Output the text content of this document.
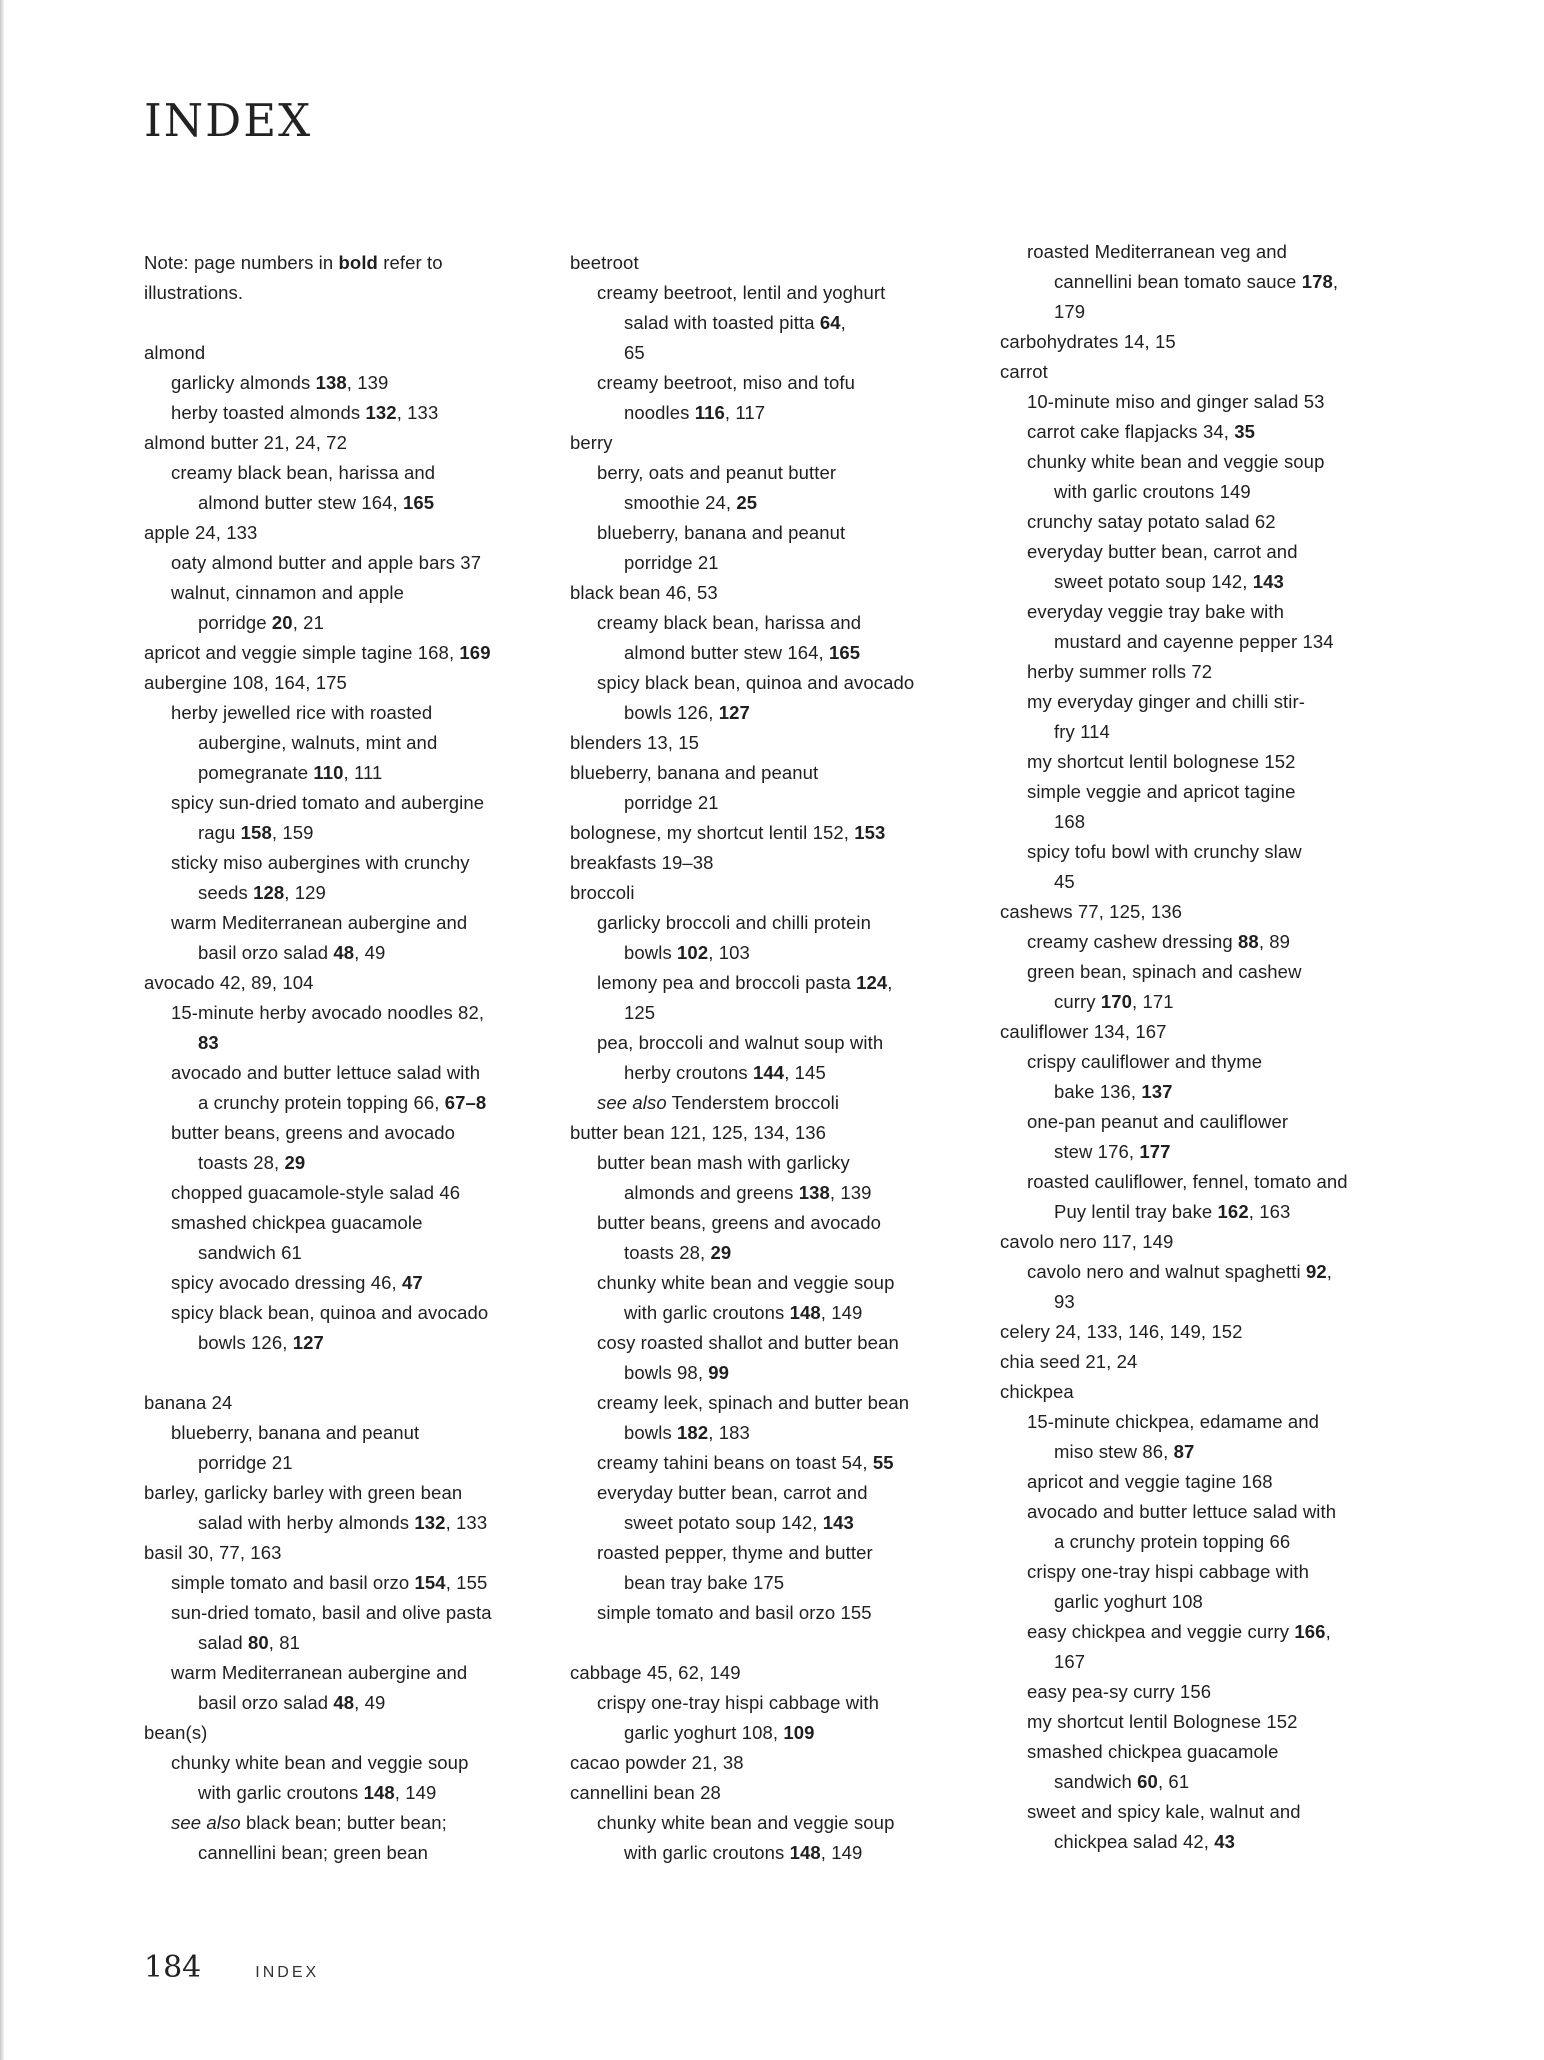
INDEX
Note: page numbers in bold refer to
illustrations.
almond
garlicky almonds 138, 139
herby toasted almonds 132, 133
almond butter 21, 24, 72
creamy black bean, harissa and
almond butter stew 164, 165
apple 24, 133
oaty almond butter and apple bars 37
walnut, cinnamon and apple
porridge 20, 21
apricot and veggie simple tagine 168, 169
aubergine 108, 164, 175
herby jewelled rice with roasted
aubergine, walnuts, mint and
pomegranate 110, 111
spicy sun-dried tomato and aubergine
ragu 158, 159
sticky miso aubergines with crunchy
seeds 128, 129
warm Mediterranean aubergine and
basil orzo salad 48, 49
avocado 42, 89, 104
15-minute herby avocado noodles 82,
83
avocado and butter lettuce salad with
a crunchy protein topping 66, 67–8
butter beans, greens and avocado
toasts 28, 29
chopped guacamole-style salad 46
smashed chickpea guacamole
sandwich 61
spicy avocado dressing 46, 47
spicy black bean, quinoa and avocado
bowls 126, 127
banana 24
blueberry, banana and peanut
porridge 21
barley, garlicky barley with green bean
salad with herby almonds 132, 133
basil 30, 77, 163
simple tomato and basil orzo 154, 155
sun-dried tomato, basil and olive pasta
salad 80, 81
warm Mediterranean aubergine and
basil orzo salad 48, 49
bean(s)
chunky white bean and veggie soup
with garlic croutons 148, 149
see also black bean; butter bean;
cannellini bean; green bean
beetroot
creamy beetroot, lentil and yoghurt
salad with toasted pitta 64,
65
creamy beetroot, miso and tofu
noodles 116, 117
berry
berry, oats and peanut butter
smoothie 24, 25
blueberry, banana and peanut
porridge 21
black bean 46, 53
creamy black bean, harissa and
almond butter stew 164, 165
spicy black bean, quinoa and avocado
bowls 126, 127
blenders 13, 15
blueberry, banana and peanut
porridge 21
bolognese, my shortcut lentil 152, 153
breakfasts 19–38
broccoli
garlicky broccoli and chilli protein
bowls 102, 103
lemony pea and broccoli pasta 124,
125
pea, broccoli and walnut soup with
herby croutons 144, 145
see also Tenderstem broccoli
butter bean 121, 125, 134, 136
butter bean mash with garlicky
almonds and greens 138, 139
butter beans, greens and avocado
toasts 28, 29
chunky white bean and veggie soup
with garlic croutons 148, 149
cosy roasted shallot and butter bean
bowls 98, 99
creamy leek, spinach and butter bean
bowls 182, 183
creamy tahini beans on toast 54, 55
everyday butter bean, carrot and
sweet potato soup 142, 143
roasted pepper, thyme and butter
bean tray bake 175
simple tomato and basil orzo 155
cabbage 45, 62, 149
crispy one-tray hispi cabbage with
garlic yoghurt 108, 109
cacao powder 21, 38
cannellini bean 28
chunky white bean and veggie soup
with garlic croutons 148, 149
roasted Mediterranean veg and
cannellini bean tomato sauce 178,
179
carbohydrates 14, 15
carrot
10-minute miso and ginger salad 53
carrot cake flapjacks 34, 35
chunky white bean and veggie soup
with garlic croutons 149
crunchy satay potato salad 62
everyday butter bean, carrot and
sweet potato soup 142, 143
everyday veggie tray bake with
mustard and cayenne pepper 134
herby summer rolls 72
my everyday ginger and chilli stir-
fry 114
my shortcut lentil bolognese 152
simple veggie and apricot tagine
168
spicy tofu bowl with crunchy slaw
45
cashews 77, 125, 136
creamy cashew dressing 88, 89
green bean, spinach and cashew
curry 170, 171
cauliflower 134, 167
crispy cauliflower and thyme
bake 136, 137
one-pan peanut and cauliflower
stew 176, 177
roasted cauliflower, fennel, tomato and
Puy lentil tray bake 162, 163
cavolo nero 117, 149
cavolo nero and walnut spaghetti 92,
93
celery 24, 133, 146, 149, 152
chia seed 21, 24
chickpea
15-minute chickpea, edamame and
miso stew 86, 87
apricot and veggie tagine 168
avocado and butter lettuce salad with
a crunchy protein topping 66
crispy one-tray hispi cabbage with
garlic yoghurt 108
easy chickpea and veggie curry 166,
167
easy pea-sy curry 156
my shortcut lentil Bolognese 152
smashed chickpea guacamole
sandwich 60, 61
sweet and spicy kale, walnut and
chickpea salad 42, 43
184	INDEX
